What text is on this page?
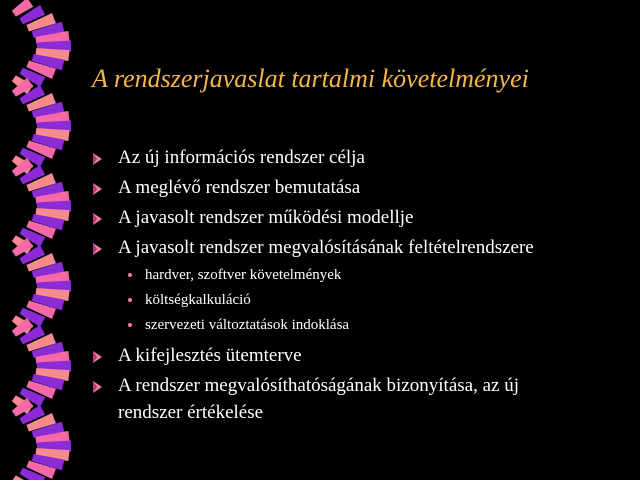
A rendszerjavaslat tartalmi követelményei
Az új információs rendszer célja
A meglévő rendszer bemutatása
A javasolt rendszer működési modellje
A javasolt rendszer megvalósításának feltételrendszere
hardver, szoftver követelmények
költségkalkuláció
szervezeti változtatások indoklása
A kifejlesztés ütemterve
A rendszer megvalósíthatóságának bizonyítása, az új
rendszer értékelése
